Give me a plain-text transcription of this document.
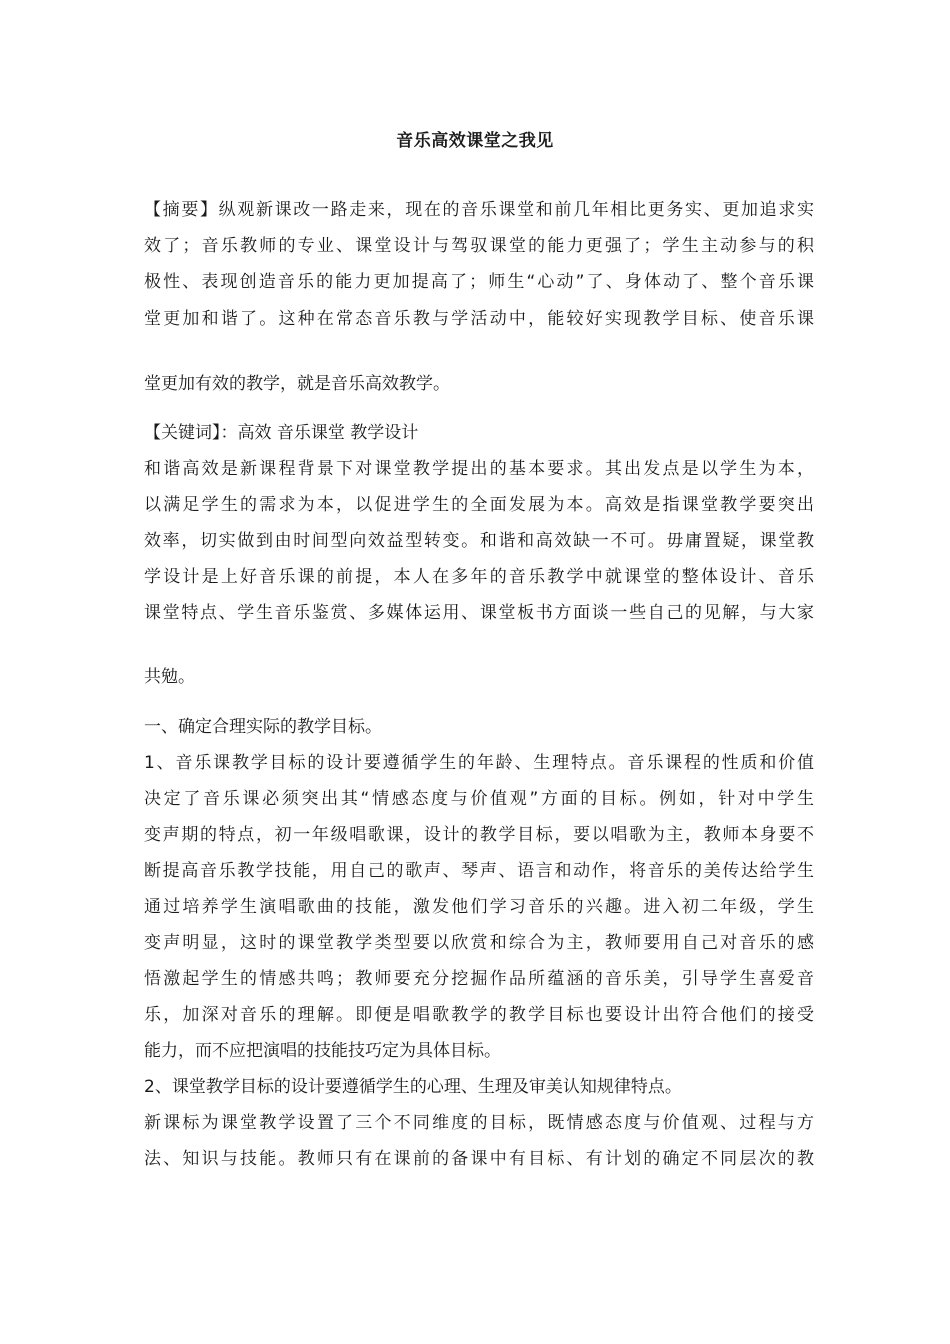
音乐高效课堂之我见
【摘要】纵观新课改一路走来，现在的音乐课堂和前几年相比更务实、更加追求实
效了；音乐教师的专业、课堂设计与驾驭课堂的能力更强了；学生主动参与的积
极性、表现创造音乐的能力更加提高了；师生“心动”了、身体动了、整个音乐课
堂更加和谐了。这种在常态音乐教与学活动中，能较好实现教学目标、使音乐课
堂更加有效的教学，就是音乐高效教学。
【关键词】：高效 音乐课堂 教学设计
和谐高效是新课程背景下对课堂教学提出的基本要求。其出发点是以学生为本，
以满足学生的需求为本，以促进学生的全面发展为本。高效是指课堂教学要突出
效率，切实做到由时间型向效益型转变。和谐和高效缺一不可。毋庸置疑，课堂教
学设计是上好音乐课的前提，本人在多年的音乐教学中就课堂的整体设计、音乐
课堂特点、学生音乐鉴赏、多媒体运用、课堂板书方面谈一些自己的见解，与大家
共勉。
一、确定合理实际的教学目标。
1、音乐课教学目标的设计要遵循学生的年龄、生理特点。音乐课程的性质和价值
决定了音乐课必须突出其“情感态度与价值观”方面的目标。例如，针对中学生
变声期的特点，初一年级唱歌课，设计的教学目标，要以唱歌为主，教师本身要不
断提高音乐教学技能，用自己的歌声、琴声、语言和动作，将音乐的美传达给学生
通过培养学生演唱歌曲的技能，激发他们学习音乐的兴趣。进入初二年级，学生
变声明显，这时的课堂教学类型要以欣赏和综合为主，教师要用自己对音乐的感
悟激起学生的情感共鸣；教师要充分挖掘作品所蕴涵的音乐美，引导学生喜爱音
乐，加深对音乐的理解。即便是唱歌教学的教学目标也要设计出符合他们的接受
能力，而不应把演唱的技能技巧定为具体目标。
2、课堂教学目标的设计要遵循学生的心理、生理及审美认知规律特点。
新课标为课堂教学设置了三个不同维度的目标，既情感态度与价值观、过程与方
法、知识与技能。教师只有在课前的备课中有目标、有计划的确定不同层次的教
